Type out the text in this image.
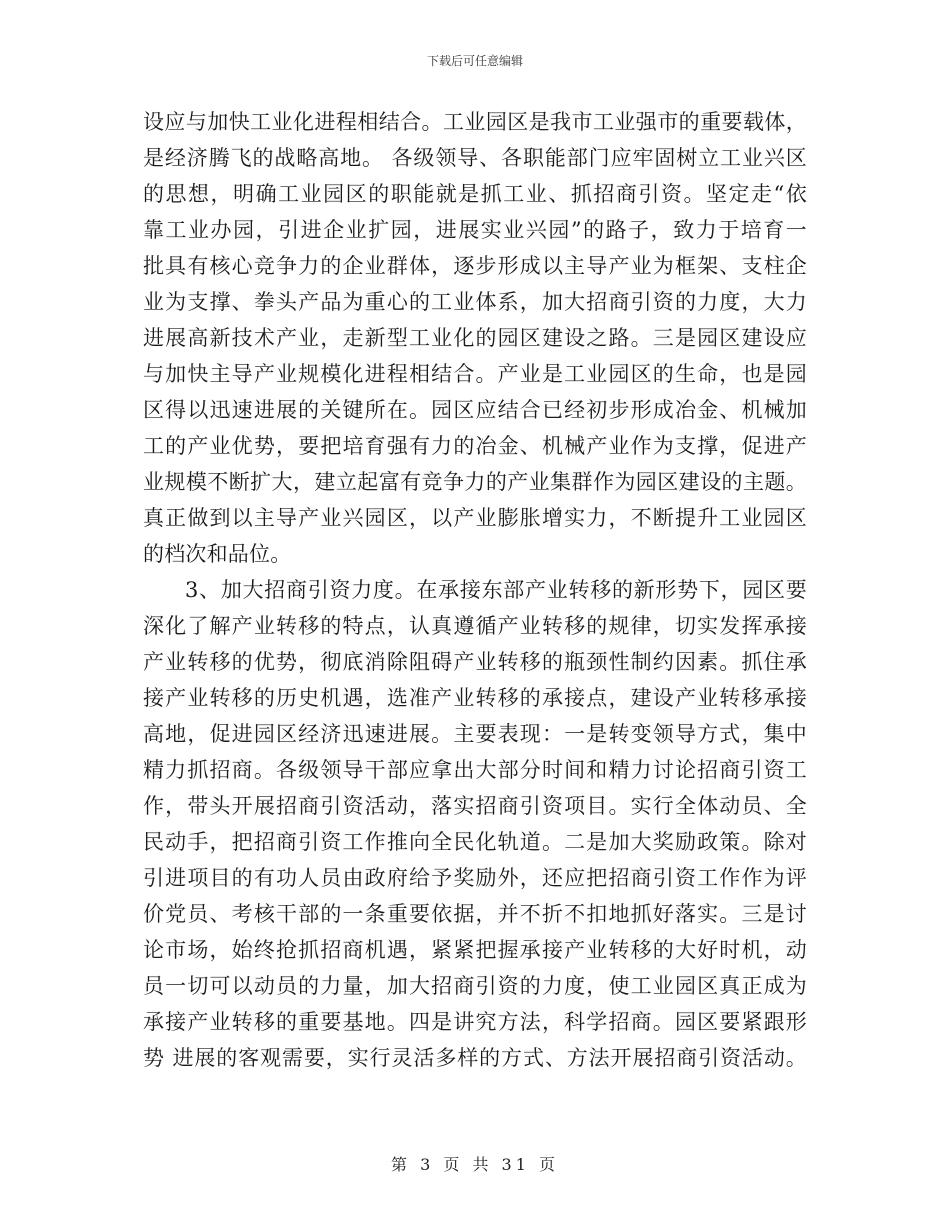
下载后可任意编辑
设应与加快工业化进程相结合。工业园区是我市工业强市的重要载体，
是经济腾飞的战略高地。 各级领导、各职能部门应牢固树立工业兴区
的思想，明确工业园区的职能就是抓工业、抓招商引资。坚定走“依
靠工业办园，引进企业扩园，进展实业兴园”的路子，致力于培育一
批具有核心竞争力的企业群体，逐步形成以主导产业为框架、支柱企
业为支撑、拳头产品为重心的工业体系，加大招商引资的力度，大力
进展高新技术产业，走新型工业化的园区建设之路。三是园区建设应
与加快主导产业规模化进程相结合。产业是工业园区的生命，也是园
区得以迅速进展的关键所在。园区应结合已经初步形成冶金、机械加
工的产业优势，要把培育强有力的冶金、机械产业作为支撑，促进产
业规模不断扩大，建立起富有竞争力的产业集群作为园区建设的主题。
真正做到以主导产业兴园区，以产业膨胀增实力，不断提升工业园区
的档次和品位。
3、加大招商引资力度。在承接东部产业转移的新形势下，园区要
深化了解产业转移的特点，认真遵循产业转移的规律，切实发挥承接
产业转移的优势，彻底消除阻碍产业转移的瓶颈性制约因素。抓住承
接产业转移的历史机遇，选准产业转移的承接点，建设产业转移承接
高地，促进园区经济迅速进展。主要表现：一是转变领导方式，集中
精力抓招商。各级领导干部应拿出大部分时间和精力讨论招商引资工
作，带头开展招商引资活动，落实招商引资项目。实行全体动员、全
民动手，把招商引资工作推向全民化轨道。二是加大奖励政策。除对
引进项目的有功人员由政府给予奖励外，还应把招商引资工作作为评
价党员、考核干部的一条重要依据，并不折不扣地抓好落实。三是讨
论市场，始终抢抓招商机遇，紧紧把握承接产业转移的大好时机，动
员一切可以动员的力量，加大招商引资的力度，使工业园区真正成为
承接产业转移的重要基地。四是讲究方法，科学招商。园区要紧跟形
势 进展的客观需要，实行灵活多样的方式、方法开展招商引资活动。
第 3 页 共 31 页
